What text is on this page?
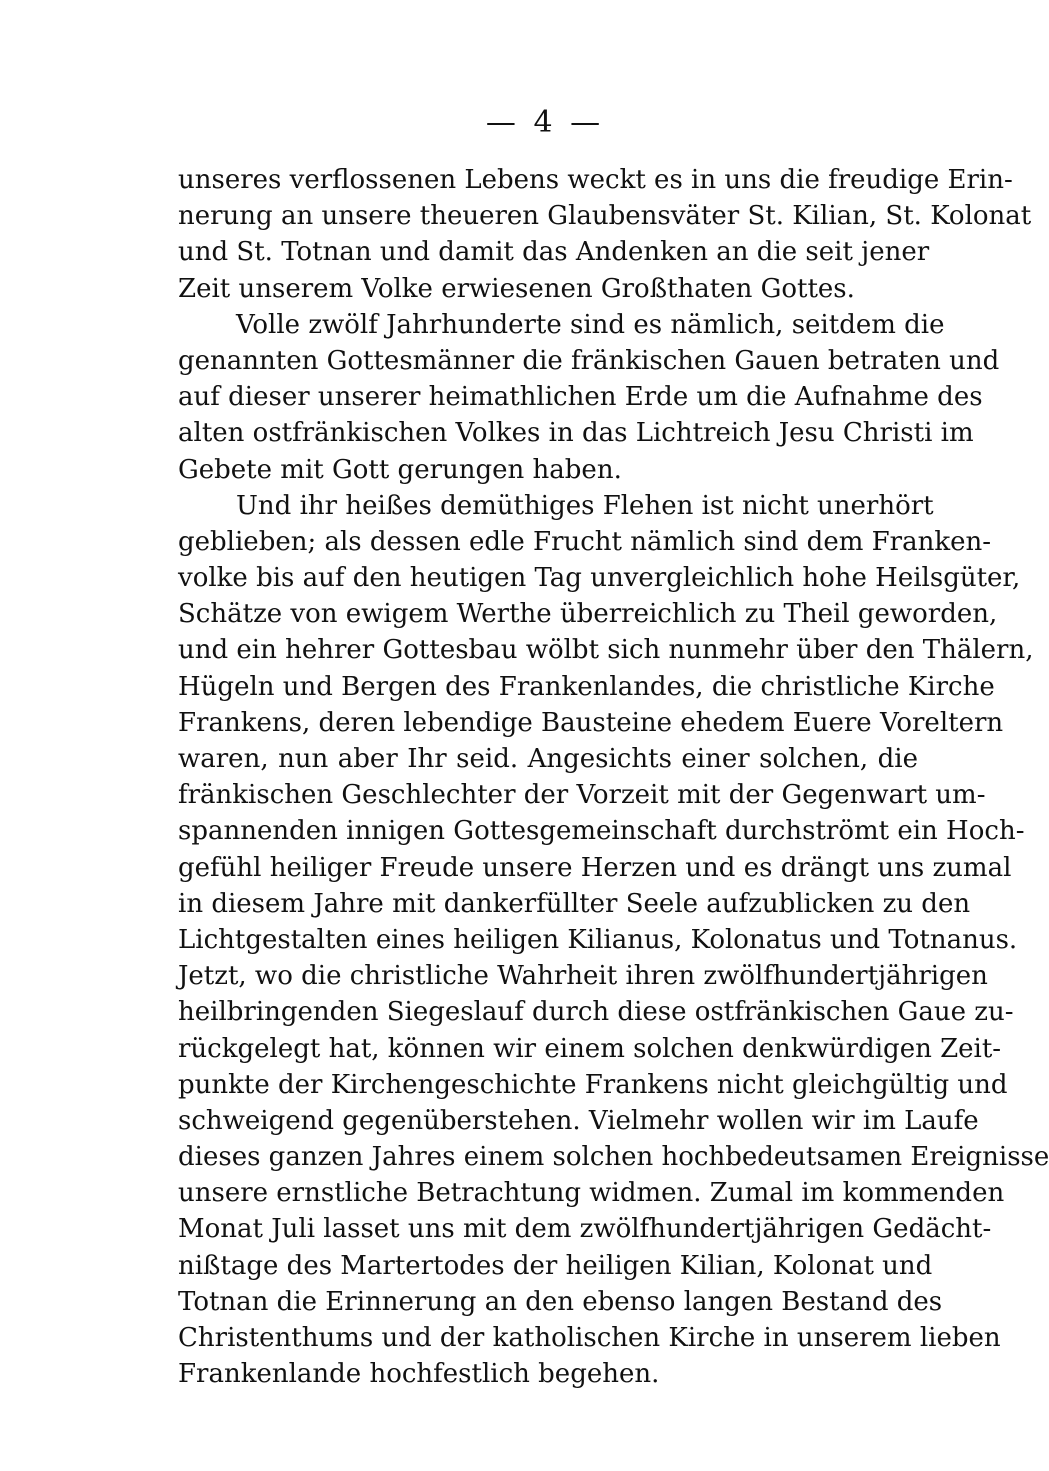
— 4 —
unseres verflossenen Lebens weckt es in uns die freudige Erin-
nerung an unsere theueren Glaubensväter St. Kilian, St. Kolonat
und St. Totnan und damit das Andenken an die seit jener
Zeit unserem Volke erwiesenen Großthaten Gottes.
Volle zwölf Jahrhunderte sind es nämlich, seitdem die
genannten Gottesmänner die fränkischen Gauen betraten und
auf dieser unserer heimathlichen Erde um die Aufnahme des
alten ostfränkischen Volkes in das Lichtreich Jesu Christi im
Gebete mit Gott gerungen haben.
Und ihr heißes demüthiges Flehen ist nicht unerhört
geblieben; als dessen edle Frucht nämlich sind dem Franken-
volke bis auf den heutigen Tag unvergleichlich hohe Heilsgüter,
Schätze von ewigem Werthe überreichlich zu Theil geworden,
und ein hehrer Gottesbau wölbt sich nunmehr über den Thälern,
Hügeln und Bergen des Frankenlandes, die christliche Kirche
Frankens, deren lebendige Bausteine ehedem Euere Voreltern
waren, nun aber Ihr seid. Angesichts einer solchen, die
fränkischen Geschlechter der Vorzeit mit der Gegenwart um-
spannenden innigen Gottesgemeinschaft durchströmt ein Hoch-
gefühl heiliger Freude unsere Herzen und es drängt uns zumal
in diesem Jahre mit dankerfüllter Seele aufzublicken zu den
Lichtgestalten eines heiligen Kilianus, Kolonatus und Totnanus.
Jetzt, wo die christliche Wahrheit ihren zwölfhundertjährigen
heilbringenden Siegeslauf durch diese ostfränkischen Gaue zu-
rückgelegt hat, können wir einem solchen denkwürdigen Zeit-
punkte der Kirchengeschichte Frankens nicht gleichgültig und
schweigend gegenüberstehen. Vielmehr wollen wir im Laufe
dieses ganzen Jahres einem solchen hochbedeutsamen Ereignisse
unsere ernstliche Betrachtung widmen. Zumal im kommenden
Monat Juli lasset uns mit dem zwölfhundertjährigen Gedächt-
nißtage des Martertodes der heiligen Kilian, Kolonat und
Totnan die Erinnerung an den ebenso langen Bestand des
Christenthums und der katholischen Kirche in unserem lieben
Frankenlande hochfestlich begehen.
